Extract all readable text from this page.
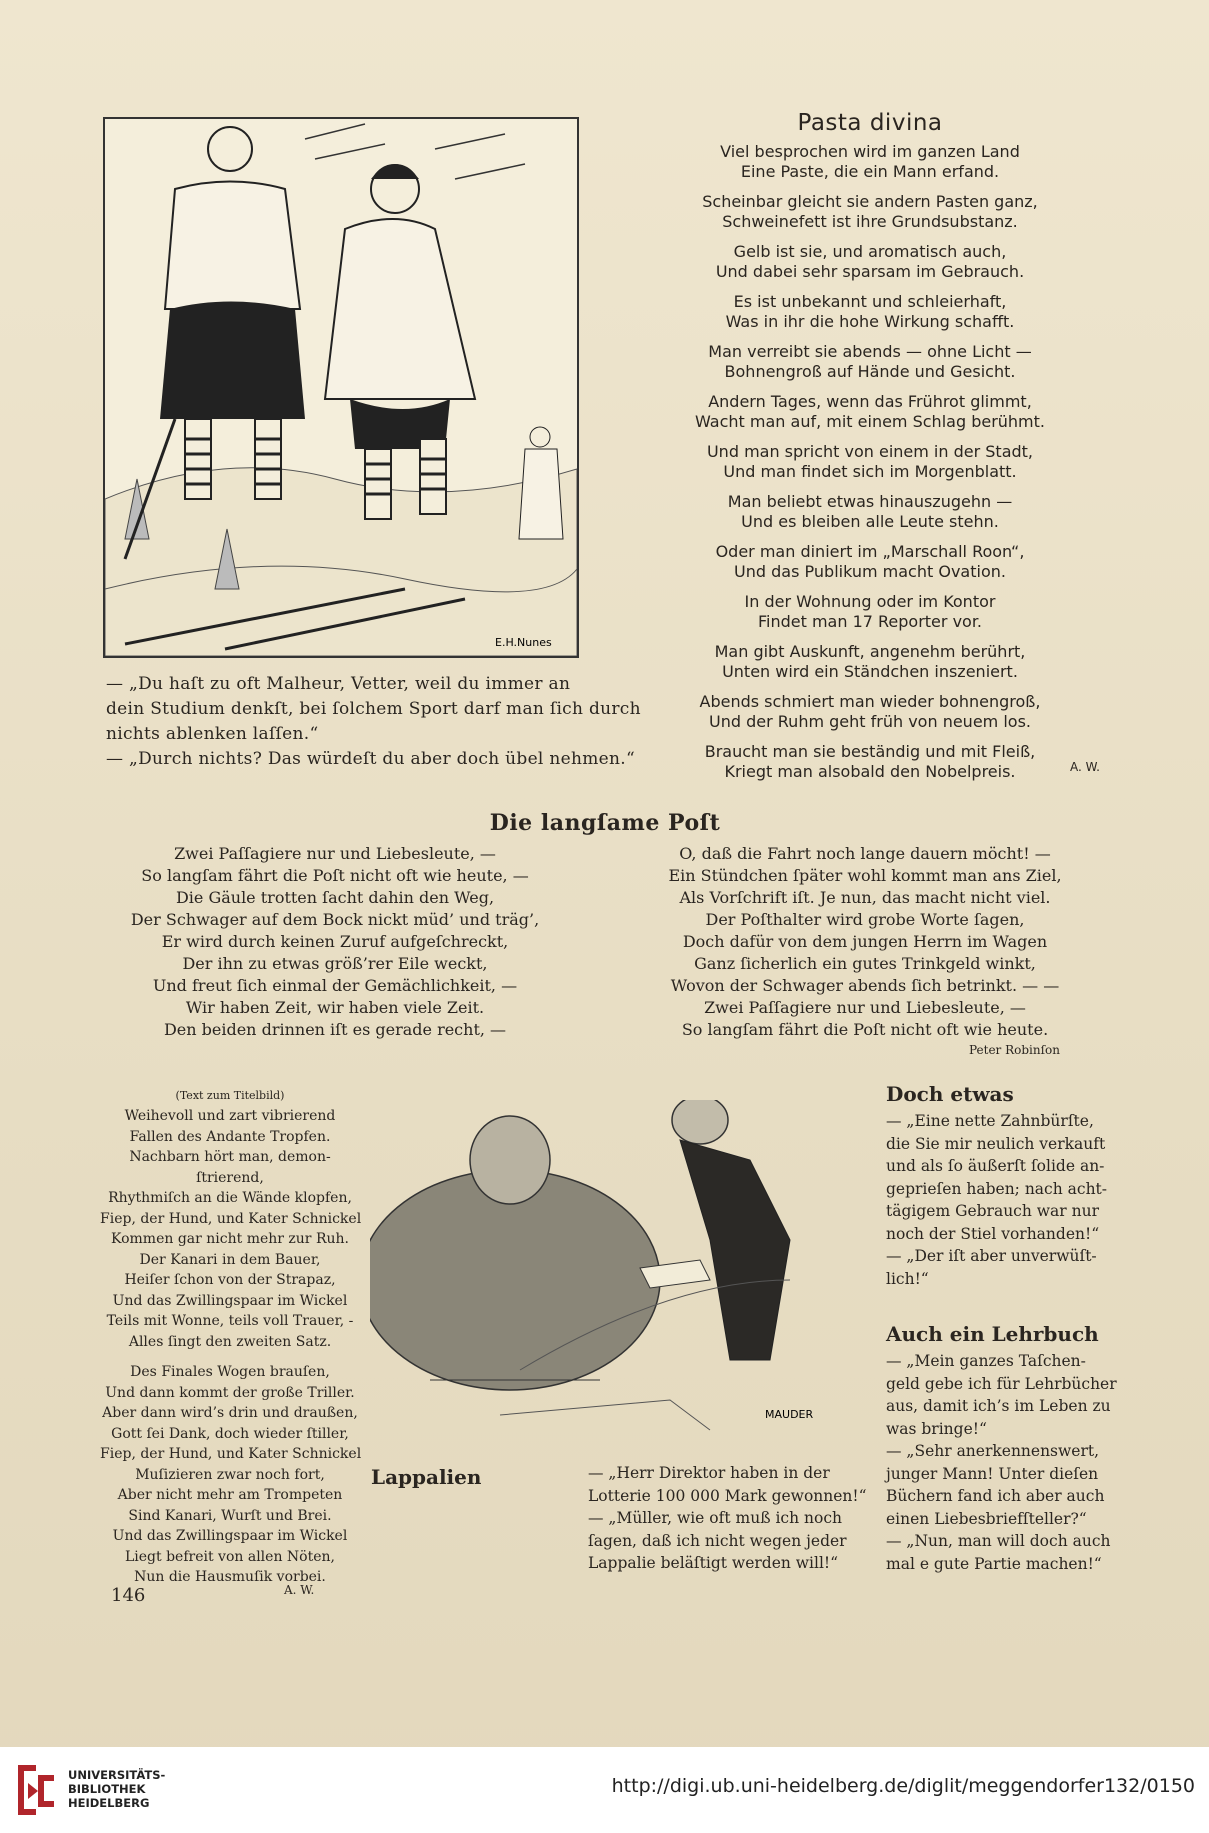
E.H.Nunes
— „Du haſt zu oft Malheur, Vetter, weil du immer an
dein Studium denkſt, bei ſolchem Sport darf man ſich durch
nichts ablenken laſſen.“
— „Durch nichts? Das würdeſt du aber doch übel nehmen.“
Pasta divina
Viel besprochen wird im ganzen Land
Eine Paste, die ein Mann erfand.
Scheinbar gleicht sie andern Pasten ganz,
Schweinefett ist ihre Grundsubstanz.
Gelb ist sie, und aromatisch auch,
Und dabei sehr sparsam im Gebrauch.
Es ist unbekannt und schleierhaft,
Was in ihr die hohe Wirkung schafft.
Man verreibt sie abends — ohne Licht —
Bohnengroß auf Hände und Gesicht.
Andern Tages, wenn das Frührot glimmt,
Wacht man auf, mit einem Schlag berühmt.
Und man spricht von einem in der Stadt,
Und man findet sich im Morgenblatt.
Man beliebt etwas hinauszugehn —
Und es bleiben alle Leute stehn.
Oder man diniert im „Marschall Roon“,
Und das Publikum macht Ovation.
In der Wohnung oder im Kontor
Findet man 17 Reporter vor.
Man gibt Auskunft, angenehm berührt,
Unten wird ein Ständchen inszeniert.
Abends schmiert man wieder bohnengroß,
Und der Ruhm geht früh von neuem los.
Braucht man sie beständig und mit Fleiß,
Kriegt man alsobald den Nobelpreis.	A. W.
Die langſame Poſt
Zwei Paſſagiere nur und Liebesleute, —
So langſam fährt die Poſt nicht oft wie heute, —
Die Gäule trotten ſacht dahin den Weg,
Der Schwager auf dem Bock nickt müd’ und träg’,
Er wird durch keinen Zuruf aufgeſchreckt,
Der ihn zu etwas größ’rer Eile weckt,
Und freut ſich einmal der Gemächlichkeit, —
Wir haben Zeit, wir haben viele Zeit.
Den beiden drinnen iſt es gerade recht, —
O, daß die Fahrt noch lange dauern möcht! —
Ein Stündchen ſpäter wohl kommt man ans Ziel,
Als Vorſchrift iſt. Je nun, das macht nicht viel.
Der Poſthalter wird grobe Worte ſagen,
Doch dafür von dem jungen Herrn im Wagen
Ganz ſicherlich ein gutes Trinkgeld winkt,
Wovon der Schwager abends ſich betrinkt. — —
Zwei Paſſagiere nur und Liebesleute, —
So langſam fährt die Poſt nicht oft wie heute.
Peter Robinſon
(Text zum Titelbild)
Weihevoll und zart vibrierend
Fallen des Andante Tropfen.
Nachbarn hört man, demon-
ſtrierend,
Rhythmiſch an die Wände klopfen,
Fiep, der Hund, und Kater Schnickel
Kommen gar nicht mehr zur Ruh.
Der Kanari in dem Bauer,
Heiſer ſchon von der Strapaz,
Und das Zwillingspaar im Wickel
Teils mit Wonne, teils voll Trauer, -
Alles ſingt den zweiten Satz.
Des Finales Wogen brauſen,
Und dann kommt der große Triller.
Aber dann wird’s drin und draußen,
Gott ſei Dank, doch wieder ſtiller,
Fiep, der Hund, und Kater Schnickel
Muſizieren zwar noch fort,
Aber nicht mehr am Trompeten
Sind Kanari, Wurſt und Brei.
Und das Zwillingspaar im Wickel
Liegt befreit von allen Nöten,
Nun die Hausmuſik vorbei.
A. W.
146
MAUDER
Lappalien	— „Herr Direktor haben in der
Lotterie 100 000 Mark gewonnen!“
— „Müller, wie oft muß ich noch
ſagen, daß ich nicht wegen jeder
Lappalie beläſtigt werden will!“
Doch etwas
— „Eine nette Zahnbürſte,
die Sie mir neulich verkauft
und als ſo äußerſt ſolide an-
geprieſen haben; nach acht-
tägigem Gebrauch war nur
noch der Stiel vorhanden!“
— „Der iſt aber unverwüſt-
lich!“
Auch ein Lehrbuch
— „Mein ganzes Taſchen-
geld gebe ich für Lehrbücher
aus, damit ich’s im Leben zu
was bringe!“
— „Sehr anerkennenswert,
junger Mann! Unter dieſen
Büchern fand ich aber auch
einen Liebesbriefſteller?“
— „Nun, man will doch auch
mal e gute Partie machen!“
UNIVERSITÄTS-
BIBLIOTHEK
HEIDELBERG
http://digi.ub.uni-heidelberg.de/diglit/meggendorfer132/0150
